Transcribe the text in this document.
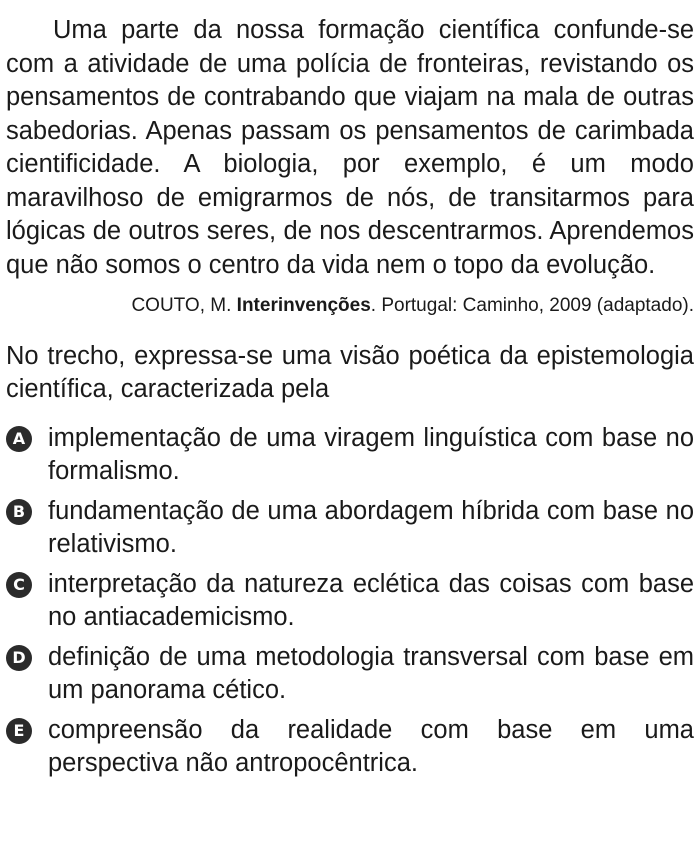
Uma parte da nossa formação científica confunde-se com a atividade de uma polícia de fronteiras, revistando os pensamentos de contrabando que viajam na mala de outras sabedorias. Apenas passam os pensamentos de carimbada cientificidade. A biologia, por exemplo, é um modo maravilhoso de emigrarmos de nós, de transitarmos para lógicas de outros seres, de nos descentrarmos. Aprendemos que não somos o centro da vida nem o topo da evolução.

COUTO, M. Interinvenções. Portugal: Caminho, 2009 (adaptado).

No trecho, expressa-se uma visão poética da epistemologia científica, caracterizada pela

A implementação de uma viragem linguística com base no formalismo.
B fundamentação de uma abordagem híbrida com base no relativismo.
C interpretação da natureza eclética das coisas com base no antiacademicismo.
D definição de uma metodologia transversal com base em um panorama cético.
E compreensão da realidade com base em uma perspectiva não antropocêntrica.
